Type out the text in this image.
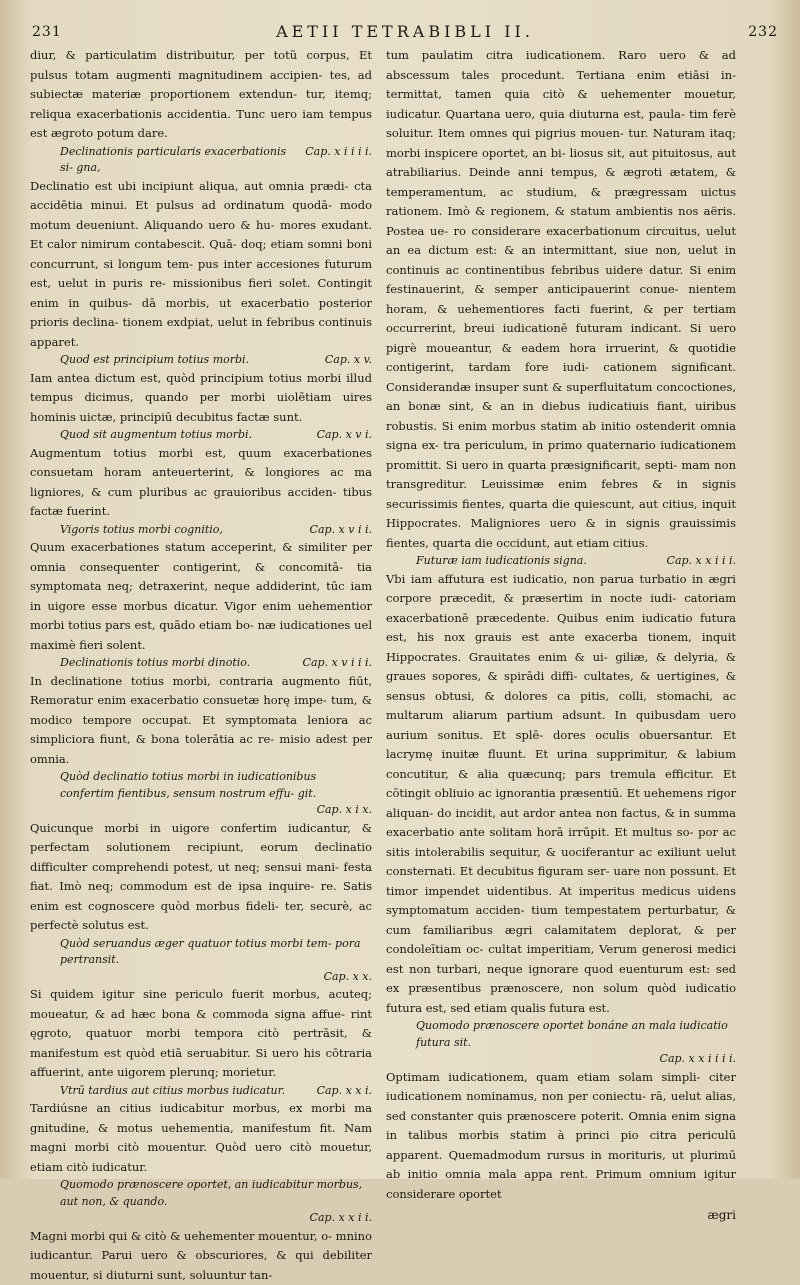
231	AETII TETRABIBLI II.	232

diur, & particulatim distribuitur, per totũ corpus, Et pulsus totam augmenti magnitudinem accipien- tes, ad subiectæ materiæ proportionem extendun- tur, itemq; reliqua exacerbationis accidentia. Tunc uero iam tempus est ægroto potum dare.

Declinationis particularis exacerbationis si- gna,
Cap. x i i i i.

Declinatio est ubi incipiunt aliqua, aut omnia prædi- cta accidētia minui. Et pulsus ad ordinatum quodā- modo motum deueniunt. Aliquando uero & hu- mores exudant. Et calor nimirum contabescit. Quā- doq; etiam somni boni concurrunt, si longum tem- pus inter accesiones futurum est, uelut in puris re- missionibus fieri solet. Contingit enim in quibus- dā morbis, ut exacerbatio posterior prioris declina- tionem exdpiat, uelut in febribus continuis apparet.

Quod est principium totius morbi.	Cap. x v.

Iam antea dictum est, quòd principium totius morbi illud tempus dicimus, quando per morbi uiolētiam uires hominis uictæ, principiū decubitus factæ sunt.

Quod sit augmentum totius morbi.	Cap. x v i.

Augmentum totius morbi est, quum exacerbationes consuetam horam anteuerterint, & longiores ac ma ligniores, & cum pluribus ac grauioribus acciden- tibus factæ fuerint.

Vigoris totius morbi cognitio,	Cap. x v i i.

Quum exacerbationes statum acceperint, & similiter per omnia consequenter contigerint, & concomitā- tia symptomata neq; detraxerint, neque addiderint, tūc iam in uigore esse morbus dicatur. Vigor enim uehementior morbi totius pars est, quādo etiam bo- næ iudicationes uel maximè fieri solent.

Declinationis totius morbi dinotio.	Cap. x v i i i.

In declinatione totius morbi, contraria augmento fiūt, Remoratur enim exacerbatio consuetæ horę impe- tum, & modico tempore occupat. Et symptomata leniora ac simpliciora fiunt, & bona tolerātia ac re- misio adest per omnia.

Quòd declinatio totius morbi in iudicationibus confertim fientibus, sensum nostrum effu- git.
Cap. x i x.

Quicunque morbi in uigore confertim iudicantur, & perfectam solutionem recipiunt, eorum declinatio difficulter comprehendi potest, ut neq; sensui mani- festa fiat. Imò neq; commodum est de ipsa inquire- re. Satis enim est cognoscere quòd morbus fideli- ter, securè, ac perfectè solutus est.

Quòd seruandus æger quatuor totius morbi tem- pora pertransit.
Cap. x x.

Si quidem igitur sine periculo fuerit morbus, acuteq; moueatur, & ad hæc bona & commoda signa affue- rint ęgroto, quatuor morbi tempora citò pertrāsit, & manifestum est quòd etiā seruabitur. Si uero his cōtraria affuerint, ante uigorem plerunq; morietur.

Vtrū tardius aut citius morbus iudicatur.	Cap. x x i.

Tardiúsne an citius iudicabitur morbus, ex morbi ma gnitudine, & motus uehementia, manifestum fit. Nam magni morbi citò mouentur. Quòd uero citò mouetur, etiam citò iudicatur.

Quomodo prænoscere oportet, an iudicabitur morbus, aut non, & quando.
Cap. x x i i.

Magni morbi qui & citò & uehementer mouentur, o- mnino iudicantur. Parui uero & obscuriores, & qui debiliter mouentur, si diuturni sunt, soluuntur tan-

tum paulatim citra iudicationem. Raro uero & ad abscessum tales procedunt. Tertiana enim etiāsi in- termittat, tamen quia citò & uehementer mouetur, iudicatur. Quartana uero, quia diuturna est, paula- tim ferè soluitur. Item omnes qui pigrius mouen- tur. Naturam itaq; morbi inspicere oportet, an bi- liosus sit, aut pituitosus, aut atrabiliarius. Deinde anni tempus, & ægroti ætatem, & temperamentum, ac studium, & prægressam uictus rationem. Imò & regionem, & statum ambientis nos aëris. Postea ue- ro considerare exacerbationum circuitus, uelut an ea dictum est: & an intermittant, siue non, uelut in continuis ac continentibus febribus uidere datur. Si enim festinauerint, & semper anticipauerint conue- nientem horam, & uehementiores facti fuerint, & per tertiam occurrerint, breui iudicationē futuram indicant. Si uero pigrè moueantur, & eadem hora irruerint, & quotidie contigerint, tardam fore iudi- cationem significant. Considerandæ insuper sunt & superfluitatum concoctiones, an bonæ sint, & an in diebus iudicatiuis fiant, uiribus robustis. Si enim morbus statim ab initio ostenderit omnia signa ex- tra periculum, in primo quaternario iudicationem promittit. Si uero in quarta præsignificarit, septi- mam non transgreditur. Leuissimæ enim febres & in signis securissimis fientes, quarta die quiescunt, aut citius, inquit Hippocrates. Maligniores uero & in signis grauissimis fientes, quarta die occidunt, aut etiam citius.

Futuræ iam iudicationis signa.	Cap. x x i i i.

Vbi iam affutura est iudicatio, non parua turbatio in ægri corpore præcedit, & præsertim in nocte iudi- catoriam exacerbationē præcedente. Quibus enim iudicatio futura est, his nox grauis est ante exacerba tionem, inquit Hippocrates. Grauitates enim & ui- giliæ, & delyria, & graues sopores, & spirādi diffi- cultates, & uertigines, & sensus obtusi, & dolores ca pitis, colli, stomachi, ac multarum aliarum partium adsunt. In quibusdam uero aurium sonitus. Et splē- dores oculis obuersantur. Et lacrymę inuitæ fluunt. Et urina supprimitur, & labium concutitur, & alia quæcunq; pars tremula efficitur. Et cōtingit obliuio ac ignorantia præsentiū. Et uehemens rigor aliquan- do incidit, aut ardor antea non factus, & in summa exacerbatio ante solitam horā irrūpit. Et multus so- por ac sitis intolerabilis sequitur, & uociferantur ac exiliunt uelut consternati. Et decubitus figuram ser- uare non possunt. Et timor impendet uidentibus. At imperitus medicus uidens symptomatum acciden- tium tempestatem perturbatur, & cum familiaribus ægri calamitatem deplorat, & per condoleītiam oc- cultat imperitiam, Verum generosi medici est non turbari, neque ignorare quod euenturum est: sed ex præsentibus prænoscere, non solum quòd iudicatio futura est, sed etiam qualis futura est.

Quomodo prænoscere oportet bonáne an mala iudicatio futura sit.
Cap. x x i i i i.

Optimam iudicationem, quam etiam solam simpli- citer iudicationem nominamus, non per coniectu- rā, uelut alias, sed constanter quis prænoscere poterit. Omnia enim signa in talibus morbis statim à princi pio citra periculū apparent. Quemadmodum rursus in morituris, ut plurimū ab initio omnia mala appa rent. Primum omnium igitur considerare oportet

ægri
